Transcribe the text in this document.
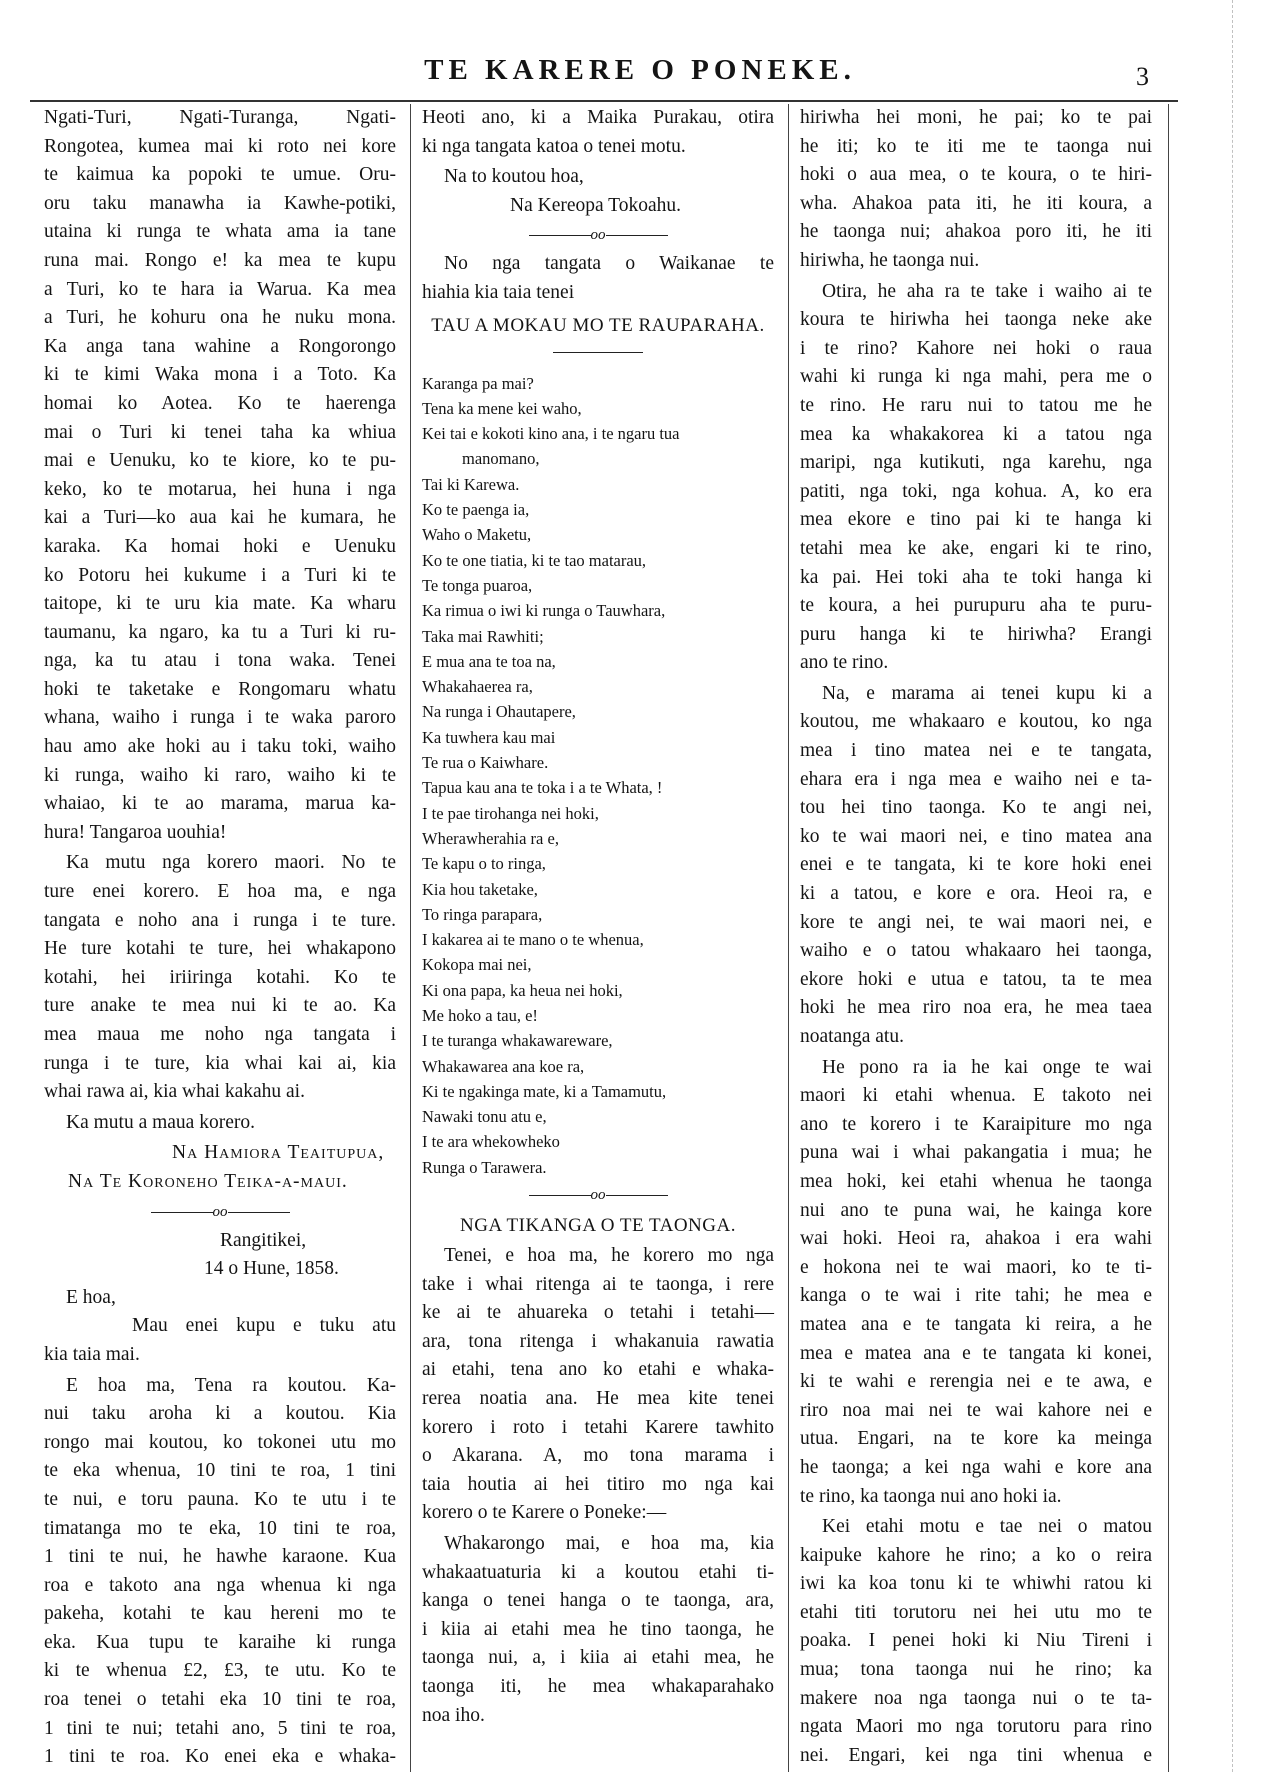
TE KARERE O PONEKE.	3
Ngati-Turi, Ngati-Turanga, Ngati-
Rongotea, kumea mai ki roto nei kore
te kaimua ka popoki te umue. Oru-
oru taku manawha ia Kawhe-potiki,
utaina ki runga te whata ama ia tane
runa mai. Rongo e! ka mea te kupu
a Turi, ko te hara ia Warua. Ka mea
a Turi, he kohuru ona he nuku mona.
Ka anga tana wahine a Rongorongo
ki te kimi Waka mona i a Toto. Ka
homai ko Aotea. Ko te haerenga
mai o Turi ki tenei taha ka whiua
mai e Uenuku, ko te kiore, ko te pu-
keko, ko te motarua, hei huna i nga
kai a Turi—ko aua kai he kumara, he
karaka. Ka homai hoki e Uenuku
ko Potoru hei kukume i a Turi ki te
taitope, ki te uru kia mate. Ka wharu
taumanu, ka ngaro, ka tu a Turi ki ru-
nga, ka tu atau i tona waka. Tenei
hoki te taketake e Rongomaru whatu
whana, waiho i runga i te waka paroro
hau amo ake hoki au i taku toki, waiho
ki runga, waiho ki raro, waiho ki te
whaiao, ki te ao marama, marua ka-
hura! Tangaroa uouhia!
Ka mutu nga korero maori. No te
ture enei korero. E hoa ma, e nga
tangata e noho ana i runga i te ture.
He ture kotahi te ture, hei whakapono
kotahi, hei iriiringa kotahi. Ko te
ture anake te mea nui ki te ao. Ka
mea maua me noho nga tangata i
runga i te ture, kia whai kai ai, kia
whai rawa ai, kia whai kakahu ai.
Ka mutu a maua korero.
Na Hamiora Teaitupua,
Na Te Koroneho Teika-a-maui.
oo
Rangitikei,
14 o Hune, 1858.
E hoa,
Mau enei kupu e tuku atu
kia taia mai.
E hoa ma, Tena ra koutou. Ka-
nui taku aroha ki a koutou. Kia
rongo mai koutou, ko tokonei utu mo
te eka whenua, 10 tini te roa, 1 tini
te nui, e toru pauna. Ko te utu i te
timatanga mo te eka, 10 tini te roa,
1 tini te nui, he hawhe karaone. Kua
roa e takoto ana nga whenua ki nga
pakeha, kotahi te kau hereni mo te
eka. Kua tupu te karaihe ki runga
ki te whenua £2, £3, te utu. Ko te
roa tenei o tetahi eka 10 tini te roa,
1 tini te nui; tetahi ano, 5 tini te roa,
1 tini te roa. Ko enei eka e whaka-
Heoti ano, ki a Maika Purakau, otira
ki nga tangata katoa o tenei motu.
Na to koutou hoa,
Na Kereopa Tokoahu.
oo
No nga tangata o Waikanae te
hiahia kia taia tenei
TAU A MOKAU MO TE RAUPARAHA.
Karanga pa mai?
Tena ka mene kei waho,
Kei tai e kokoti kino ana, i te ngaru tua
manomano,
Tai ki Karewa.
Ko te paenga ia,
Waho o Maketu,
Ko te one tiatia, ki te tao matarau,
Te tonga puaroa,
Ka rimua o iwi ki runga o Tauwhara,
Taka mai Rawhiti;
E mua ana te toa na,
Whakahaerea ra,
Na runga i Ohautapere,
Ka tuwhera kau mai
Te rua o Kaiwhare.
Tapua kau ana te toka i a te Whata, !
I te pae tirohanga nei hoki,
Wherawherahia ra e,
Te kapu o to ringa,
Kia hou taketake,
To ringa parapara,
I kakarea ai te mano o te whenua,
Kokopa mai nei,
Ki ona papa, ka heua nei hoki,
Me hoko a tau, e!
I te turanga whakawareware,
Whakawarea ana koe ra,
Ki te ngakinga mate, ki a Tamamutu,
Nawaki tonu atu e,
I te ara whekowheko
Runga o Tarawera.
oo
NGA TIKANGA O TE TAONGA.
Tenei, e hoa ma, he korero mo nga
take i whai ritenga ai te taonga, i rere
ke ai te ahuareka o tetahi i tetahi—
ara, tona ritenga i whakanuia rawatia
ai etahi, tena ano ko etahi e whaka-
rerea noatia ana. He mea kite tenei
korero i roto i tetahi Karere tawhito
o Akarana. A, mo tona marama i
taia houtia ai hei titiro mo nga kai
korero o te Karere o Poneke:—
Whakarongo mai, e hoa ma, kia
whakaatuaturia ki a koutou etahi ti-
kanga o tenei hanga o te taonga, ara,
i kiia ai etahi mea he tino taonga, he
taonga nui, a, i kiia ai etahi mea, he
taonga iti, he mea whakaparahako
noa iho.
hiriwha hei moni, he pai; ko te pai
he iti; ko te iti me te taonga nui
hoki o aua mea, o te koura, o te hiri-
wha. Ahakoa pata iti, he iti koura, a
he taonga nui; ahakoa poro iti, he iti
hiriwha, he taonga nui.
Otira, he aha ra te take i waiho ai te
koura te hiriwha hei taonga neke ake
i te rino? Kahore nei hoki o raua
wahi ki runga ki nga mahi, pera me o
te rino. He raru nui to tatou me he
mea ka whakakorea ki a tatou nga
maripi, nga kutikuti, nga karehu, nga
patiti, nga toki, nga kohua. A, ko era
mea ekore e tino pai ki te hanga ki
tetahi mea ke ake, engari ki te rino,
ka pai. Hei toki aha te toki hanga ki
te koura, a hei purupuru aha te puru-
puru hanga ki te hiriwha? Erangi
ano te rino.
Na, e marama ai tenei kupu ki a
koutou, me whakaaro e koutou, ko nga
mea i tino matea nei e te tangata,
ehara era i nga mea e waiho nei e ta-
tou hei tino taonga. Ko te angi nei,
ko te wai maori nei, e tino matea ana
enei e te tangata, ki te kore hoki enei
ki a tatou, e kore e ora. Heoi ra, e
kore te angi nei, te wai maori nei, e
waiho e o tatou whakaaro hei taonga,
ekore hoki e utua e tatou, ta te mea
hoki he mea riro noa era, he mea taea
noatanga atu.
He pono ra ia he kai onge te wai
maori ki etahi whenua. E takoto nei
ano te korero i te Karaipiture mo nga
puna wai i whai pakangatia i mua; he
mea hoki, kei etahi whenua he taonga
nui ano te puna wai, he kainga kore
wai hoki. Heoi ra, ahakoa i era wahi
e hokona nei te wai maori, ko te ti-
kanga o te wai i rite tahi; he mea e
matea ana e te tangata ki reira, a he
mea e matea ana e te tangata ki konei,
ki te wahi e rerengia nei e te awa, e
riro noa mai nei te wai kahore nei e
utua. Engari, na te kore ka meinga
he taonga; a kei nga wahi e kore ana
te rino, ka taonga nui ano hoki ia.
Kei etahi motu e tae nei o matou
kaipuke kahore he rino; a ko o reira
iwi ka koa tonu ki te whiwhi ratou ki
etahi titi torutoru nei hei utu mo te
poaka. I penei hoki ki Niu Tireni i
mua; tona taonga nui he rino; ka
makere noa nga taonga nui o te ta-
ngata Maori mo nga torutoru para rino
nei. Engari, kei nga tini whenua e
